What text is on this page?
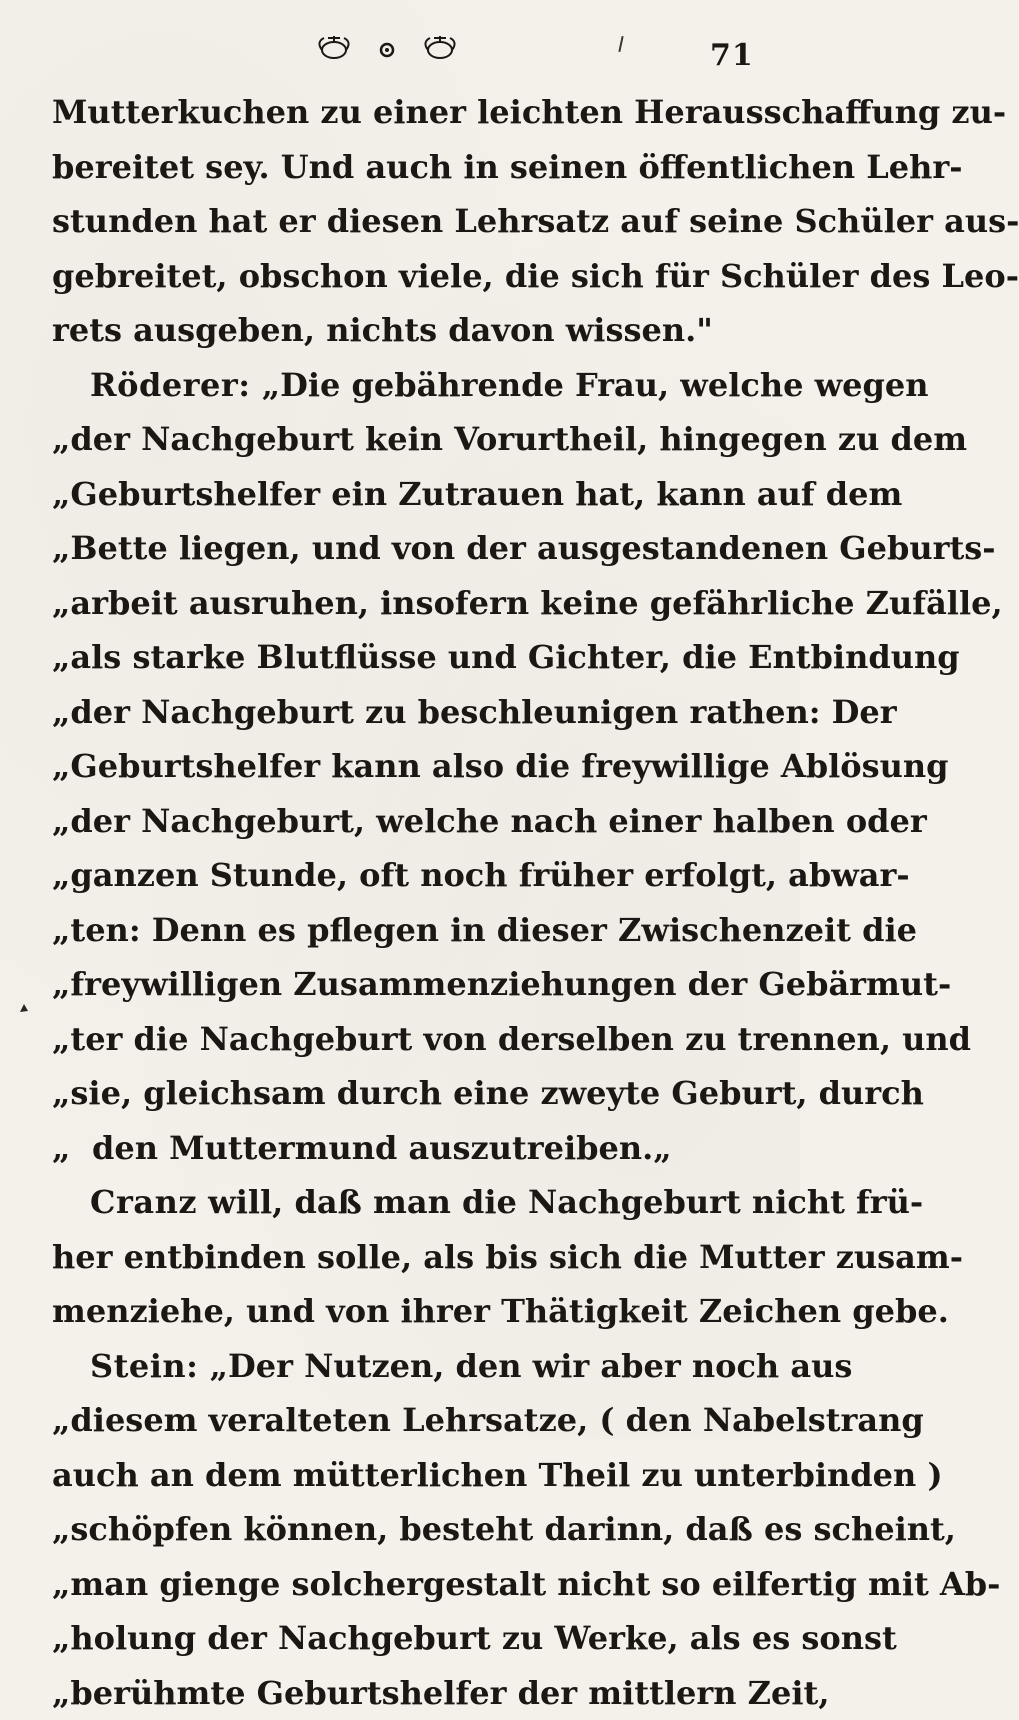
71
Mutterkuchen zu einer leichten Herausschaffung zu-
bereitet sey. Und auch in seinen öffentlichen Lehr-
stunden hat er diesen Lehrsatz auf seine Schüler aus-
gebreitet, obschon viele, die sich für Schüler des Leo-
rets ausgeben, nichts davon wissen."
Röderer: „Die gebährende Frau, welche wegen
„ der Nachgeburt kein Vorurtheil, hingegen zu dem
„ Geburtshelfer ein Zutrauen hat, kann auf dem
„ Bette liegen, und von der ausgestandenen Geburts-
„ arbeit ausruhen, insofern keine gefährliche Zufälle,
„ als starke Blutflüsse und Gichter, die Entbindung
„ der Nachgeburt zu beschleunigen rathen: Der
„ Geburtshelfer kann also die freywillige Ablösung
„ der Nachgeburt, welche nach einer halben oder
„ ganzen Stunde, oft noch früher erfolgt, abwar-
„ ten: Denn es pflegen in dieser Zwischenzeit die
„ freywilligen Zusammenziehungen der Gebärmut-
„ ter die Nachgeburt von derselben zu trennen, und
„ sie, gleichsam durch eine zweyte Geburt, durch
„ den Muttermund auszutreiben.„
Cranz will, daß man die Nachgeburt nicht frü-
her entbinden solle, als bis sich die Mutter zusam-
menziehe, und von ihrer Thätigkeit Zeichen gebe.
Stein: „Der Nutzen, den wir aber noch aus
„ diesem veralteten Lehrsatze, ( den Nabelstrang
auch an dem mütterlichen Theil zu unterbinden )
„ schöpfen können, besteht darinn, daß es scheint,
„ man gienge solchergestalt nicht so eilfertig mit Ab-
„ holung der Nachgeburt zu Werke, als es sonst
„ berühmte Geburtshelfer der mittlern Zeit,
